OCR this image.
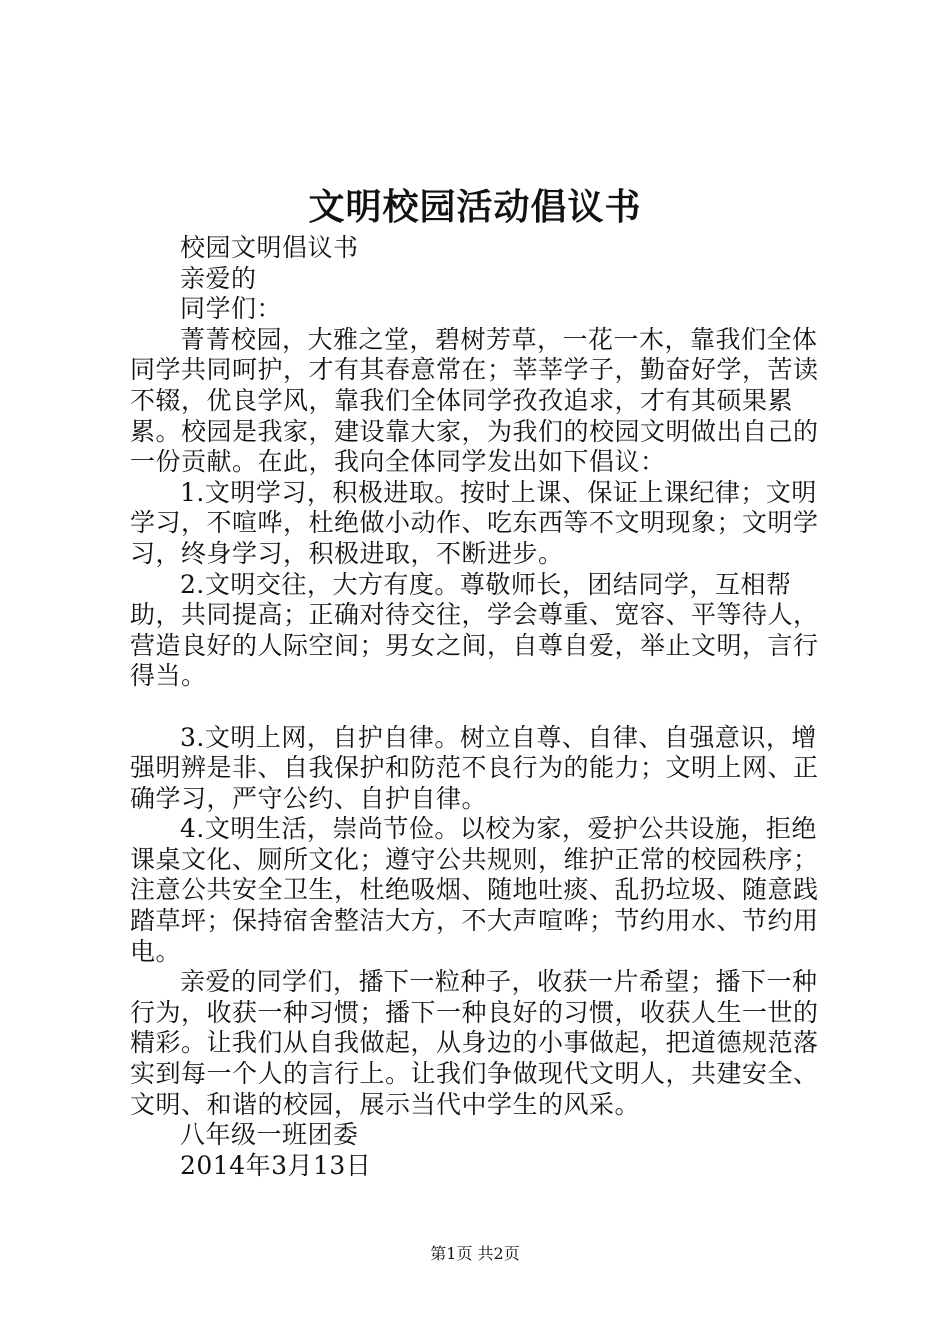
文明校园活动倡议书

校园文明倡议书

亲爱的

同学们：

菁菁校园，大雅之堂，碧树芳草，一花一木，靠我们全体同学共同呵护，才有其春意常在；莘莘学子，勤奋好学，苦读不辍，优良学风，靠我们全体同学孜孜追求，才有其硕果累累。校园是我家，建设靠大家，为我们的校园文明做出自己的一份贡献。在此，我向全体同学发出如下倡议：

1.文明学习，积极进取。按时上课、保证上课纪律；文明学习，不喧哗，杜绝做小动作、吃东西等不文明现象；文明学习，终身学习，积极进取，不断进步。

2.文明交往，大方有度。尊敬师长，团结同学，互相帮助，共同提高；正确对待交往，学会尊重、宽容、平等待人，营造良好的人际空间；男女之间，自尊自爱，举止文明，言行得当。

3.文明上网，自护自律。树立自尊、自律、自强意识，增强明辨是非、自我保护和防范不良行为的能力；文明上网、正确学习，严守公约、自护自律。

4.文明生活，崇尚节俭。以校为家，爱护公共设施，拒绝课桌文化、厕所文化；遵守公共规则，维护正常的校园秩序；注意公共安全卫生，杜绝吸烟、随地吐痰、乱扔垃圾、随意践踏草坪；保持宿舍整洁大方，不大声喧哗；节约用水、节约用电。

亲爱的同学们，播下一粒种子，收获一片希望；播下一种行为，收获一种习惯；播下一种良好的习惯，收获人生一世的精彩。让我们从自我做起，从身边的小事做起，把道德规范落实到每一个人的言行上。让我们争做现代文明人，共建安全、文明、和谐的校园，展示当代中学生的风采。

八年级一班团委

2014年3月13日

第1页 共2页
